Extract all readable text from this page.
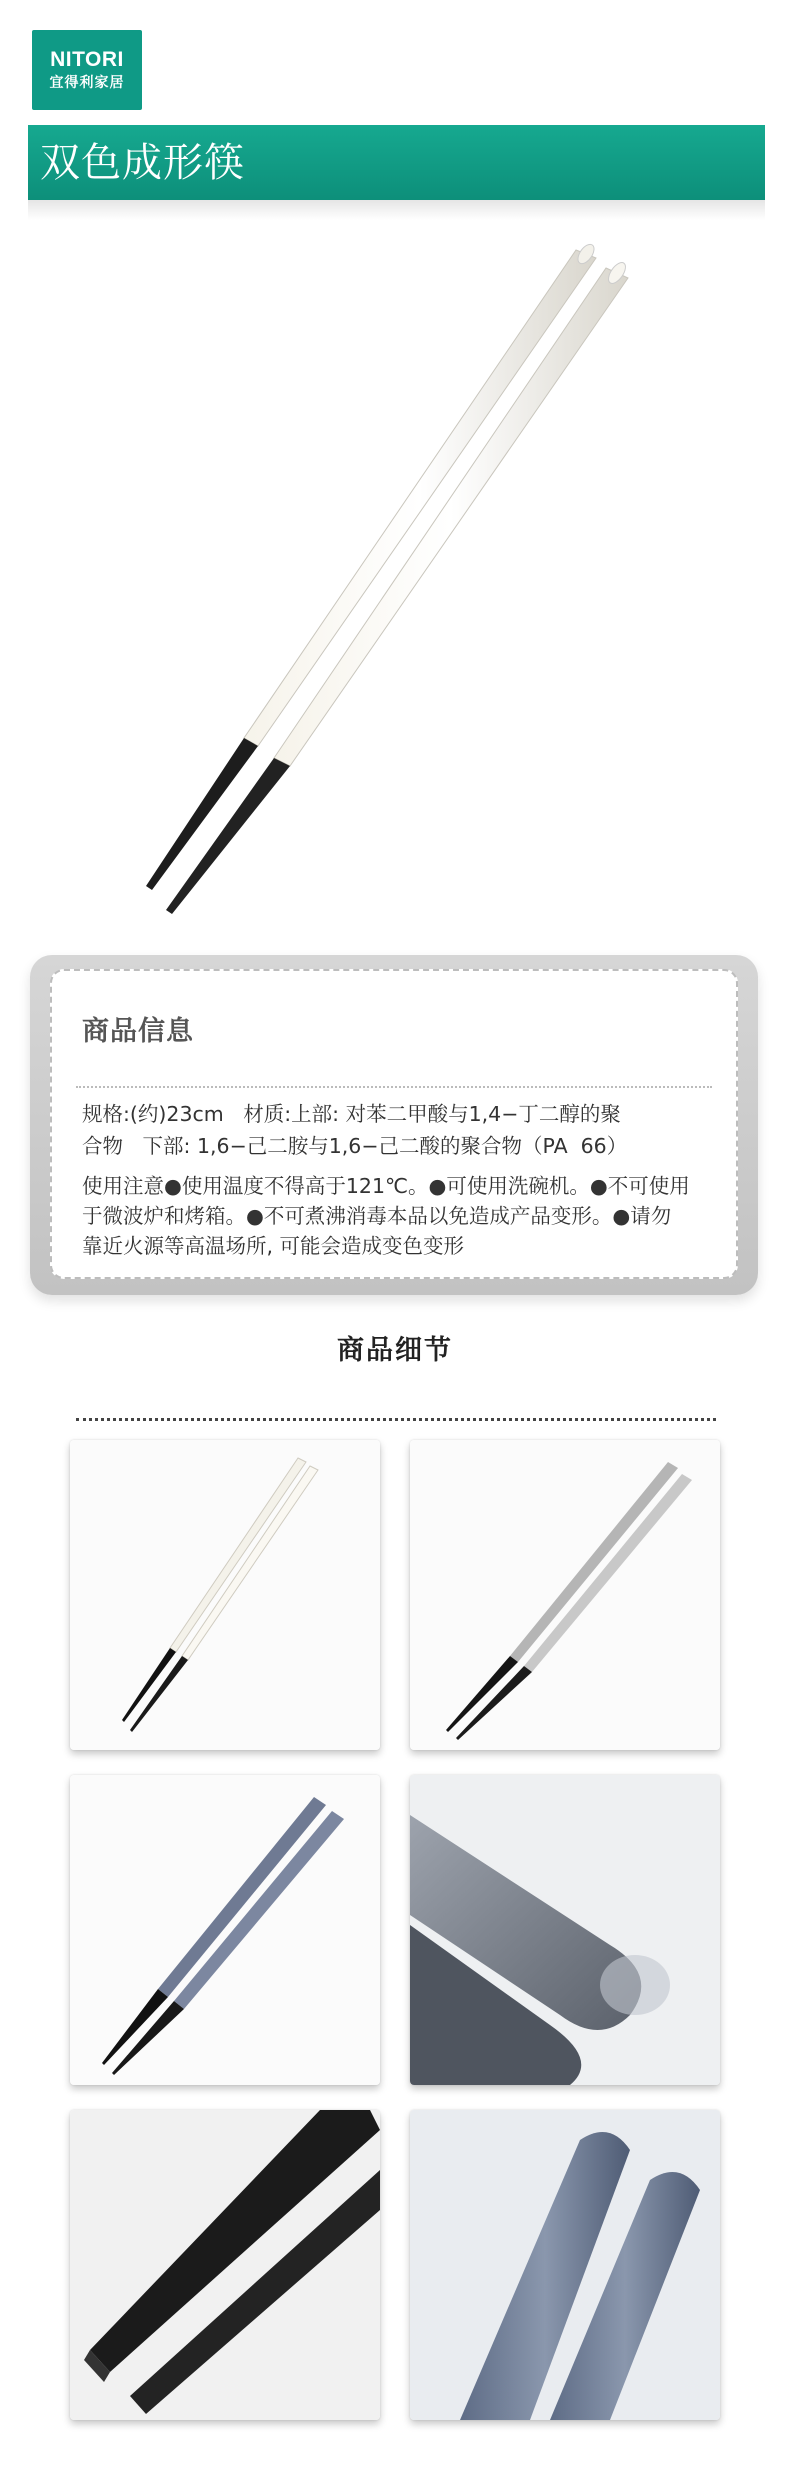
NITORI
宜得利家居
双色成形筷
商品信息
规格:(约)23cm   材质:上部: 对苯二甲酸与1,4−丁二醇的聚
合物   下部: 1,6−己二胺与1,6−己二酸的聚合物（PA  66）
使用注意●使用温度不得高于121℃。●可使用洗碗机。●不可使用
于微波炉和烤箱。●不可煮沸消毒本品以免造成产品变形。●请勿
靠近火源等高温场所, 可能会造成变色变形
商品细节
